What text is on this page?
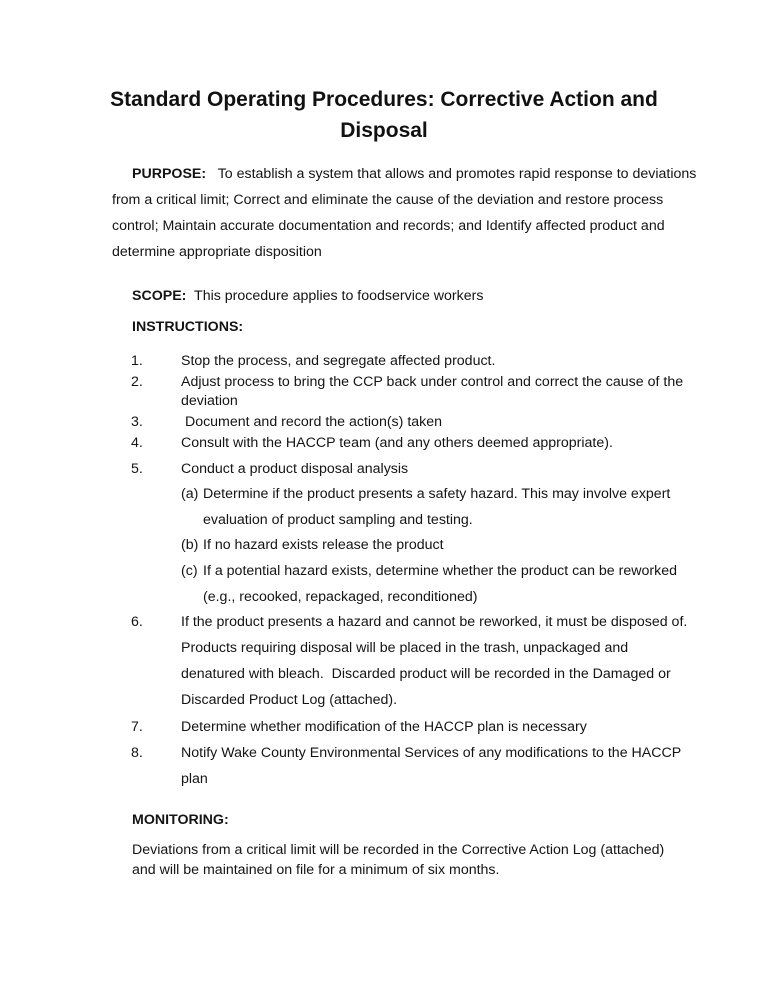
Standard Operating Procedures: Corrective Action and
Disposal
PURPOSE: To establish a system that allows and promotes rapid response to deviations
from a critical limit; Correct and eliminate the cause of the deviation and restore process
control; Maintain accurate documentation and records; and Identify affected product and
determine appropriate disposition
SCOPE: This procedure applies to foodservice workers
INSTRUCTIONS:
1.	Stop the process, and segregate affected product.
2.	Adjust process to bring the CCP back under control and correct the cause of the
deviation
3.	Document and record the action(s) taken
4.	Consult with the HACCP team (and any others deemed appropriate).
5.	Conduct a product disposal analysis
(a) Determine if the product presents a safety hazard. This may involve expert
evaluation of product sampling and testing.
(b) If no hazard exists release the product
(c) If a potential hazard exists, determine whether the product can be reworked
(e.g., recooked, repackaged, reconditioned)
6.	If the product presents a hazard and cannot be reworked, it must be disposed of.
Products requiring disposal will be placed in the trash, unpackaged and
denatured with bleach.  Discarded product will be recorded in the Damaged or
Discarded Product Log (attached).
7.	Determine whether modification of the HACCP plan is necessary
8.	Notify Wake County Environmental Services of any modifications to the HACCP
plan
MONITORING:
Deviations from a critical limit will be recorded in the Corrective Action Log (attached)
and will be maintained on file for a minimum of six months.
